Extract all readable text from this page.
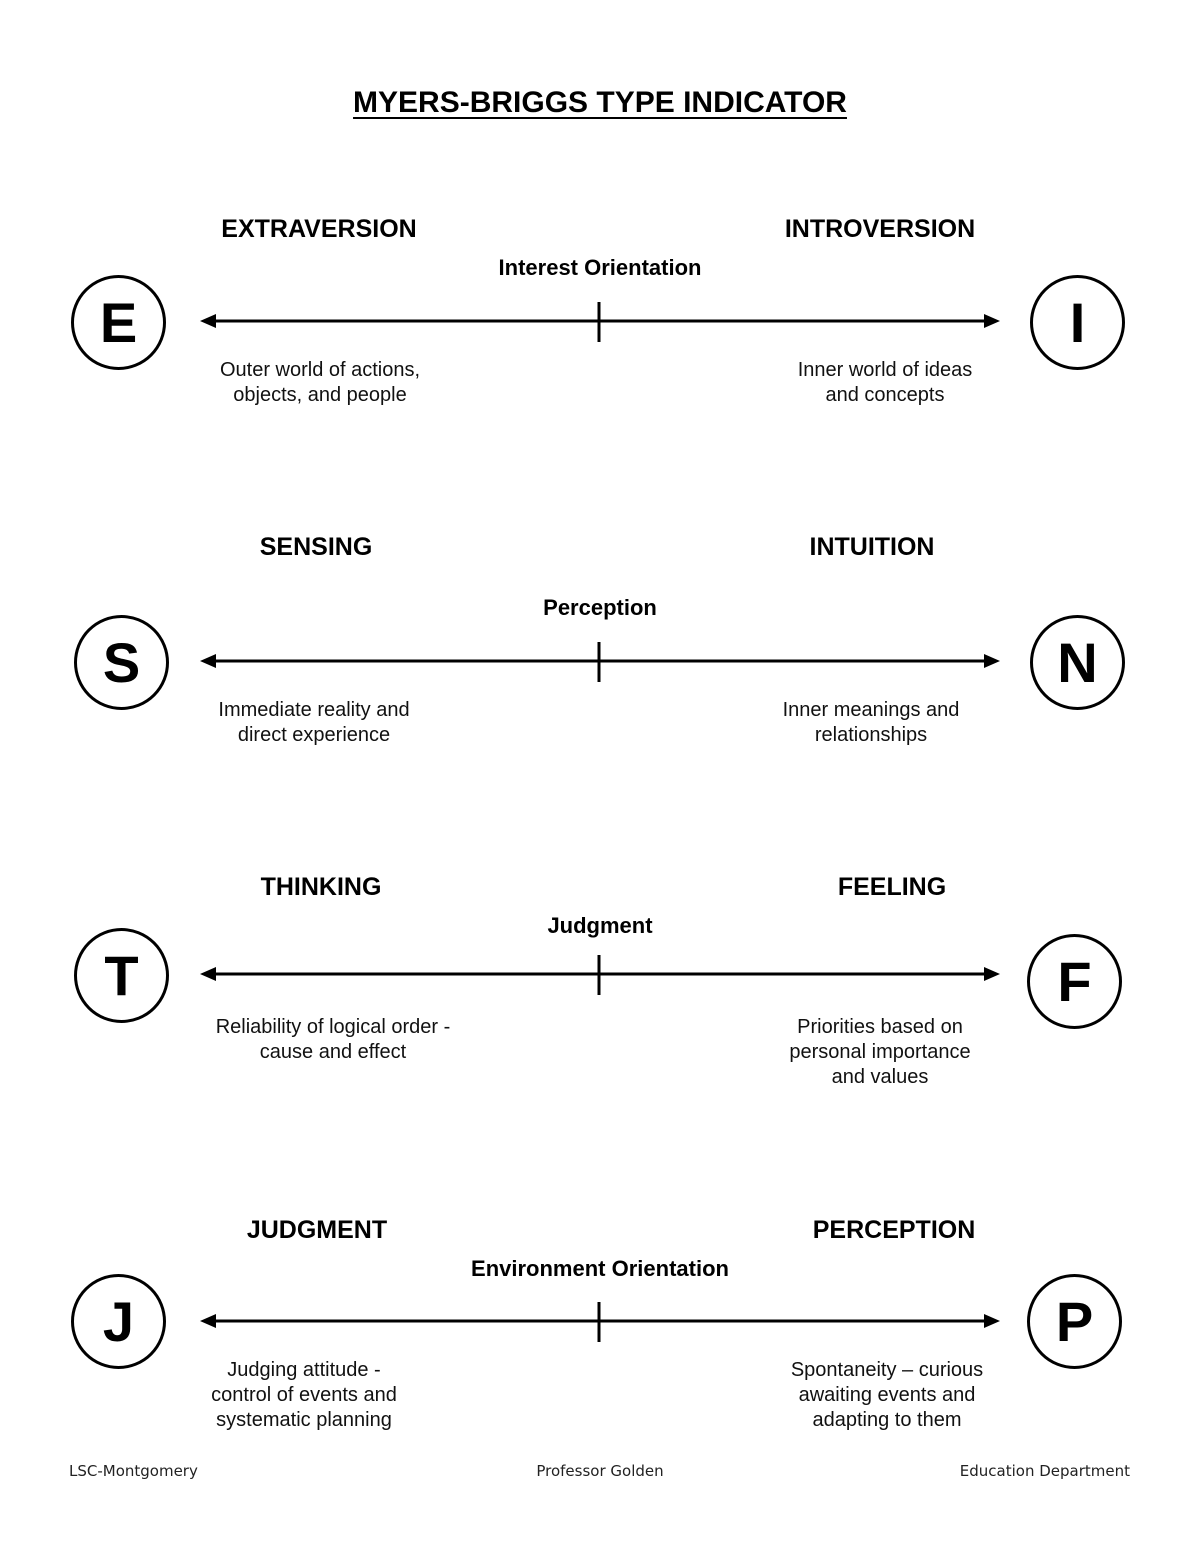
MYERS-BRIGGS TYPE INDICATOR
EXTRAVERSION	INTROVERSION
Interest Orientation
E	I
Outer world of actions,
objects, and people
Inner world of ideas
and concepts
SENSING	INTUITION
Perception
S	N
Immediate reality and
direct experience
Inner meanings and
relationships
THINKING	FEELING
Judgment
T	F
Reliability of logical order -
cause and effect
Priorities based on
personal importance
and values
JUDGMENT	PERCEPTION
Environment Orientation
J	P
Judging attitude -
control of events and
systematic planning
Spontaneity – curious
awaiting events and
adapting to them
LSC-Montgomery	Professor Golden	Education Department
